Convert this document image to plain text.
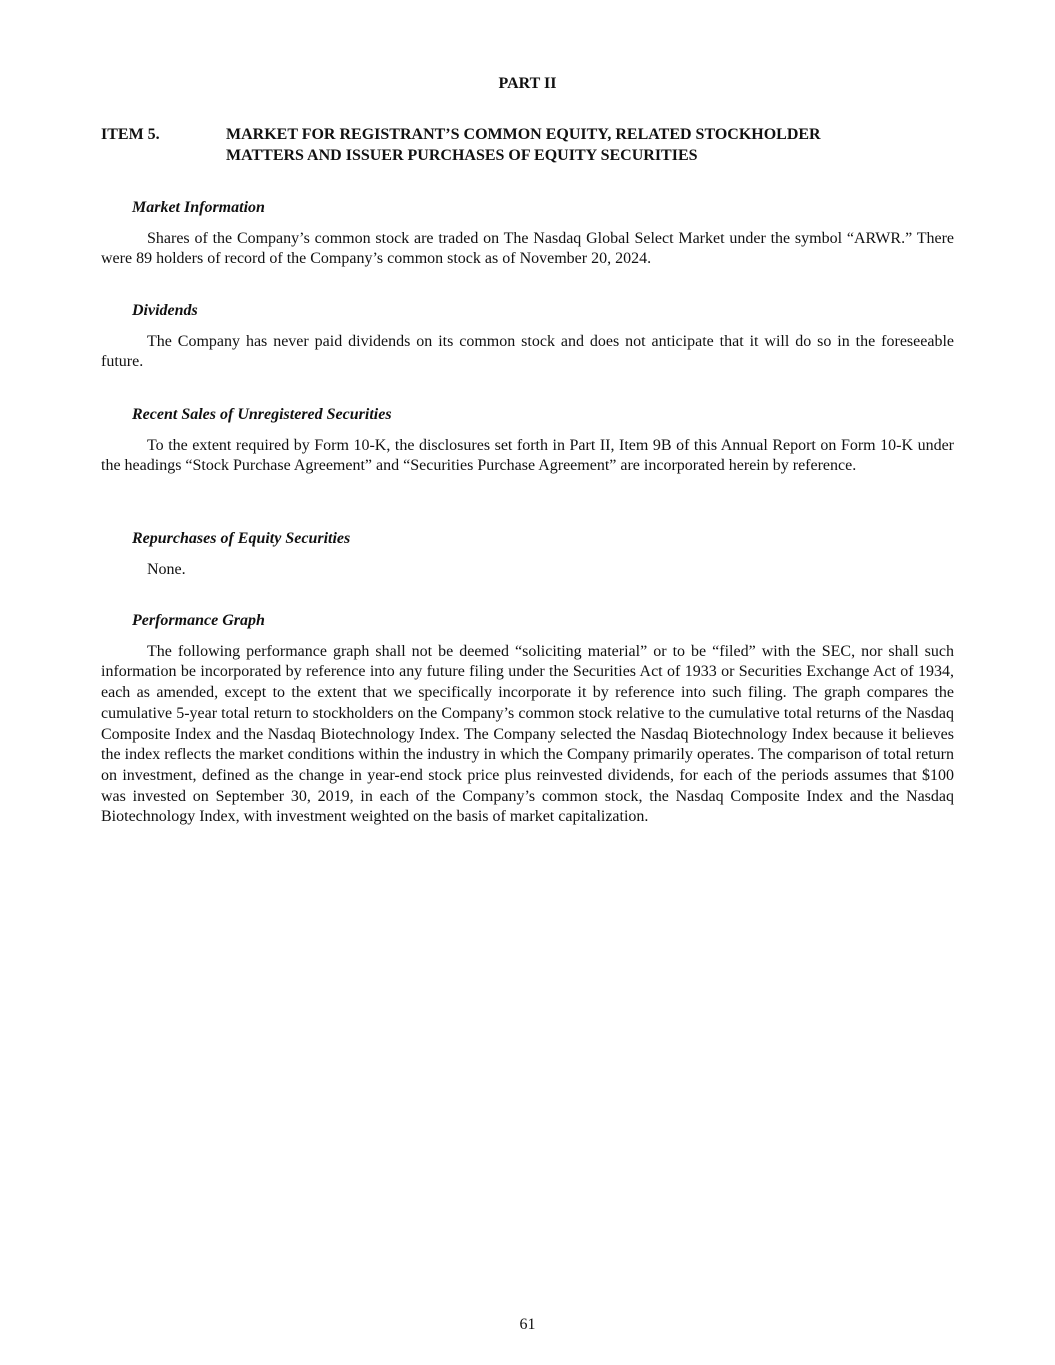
PART II
ITEM 5.	MARKET FOR REGISTRANT’S COMMON EQUITY, RELATED STOCKHOLDER
MATTERS AND ISSUER PURCHASES OF EQUITY SECURITIES
Market Information

Shares of the Company’s common stock are traded on The Nasdaq Global Select Market under the symbol “ARWR.” There were 89 holders of record of the Company’s common stock as of November 20, 2024.

Dividends

The Company has never paid dividends on its common stock and does not anticipate that it will do so in the foreseeable future.

Recent Sales of Unregistered Securities

To the extent required by Form 10-K, the disclosures set forth in Part II, Item 9B of this Annual Report on Form 10-K under the headings “Stock Purchase Agreement” and “Securities Purchase Agreement” are incorporated herein by reference.

Repurchases of Equity Securities

None.

Performance Graph

The following performance graph shall not be deemed “soliciting material” or to be “filed” with the SEC, nor shall such information be incorporated by reference into any future filing under the Securities Act of 1933 or Securities Exchange Act of 1934, each as amended, except to the extent that we specifically incorporate it by reference into such filing. The graph compares the cumulative 5-year total return to stockholders on the Company’s common stock relative to the cumulative total returns of the Nasdaq Composite Index and the Nasdaq Biotechnology Index. The Company selected the Nasdaq Biotechnology Index because it believes the index reflects the market conditions within the industry in which the Company primarily operates. The comparison of total return on investment, defined as the change in year-end stock price plus reinvested dividends, for each of the periods assumes that $100 was invested on September 30, 2019, in each of the Company’s common stock, the Nasdaq Composite Index and the Nasdaq Biotechnology Index, with investment weighted on the basis of market capitalization.

61
